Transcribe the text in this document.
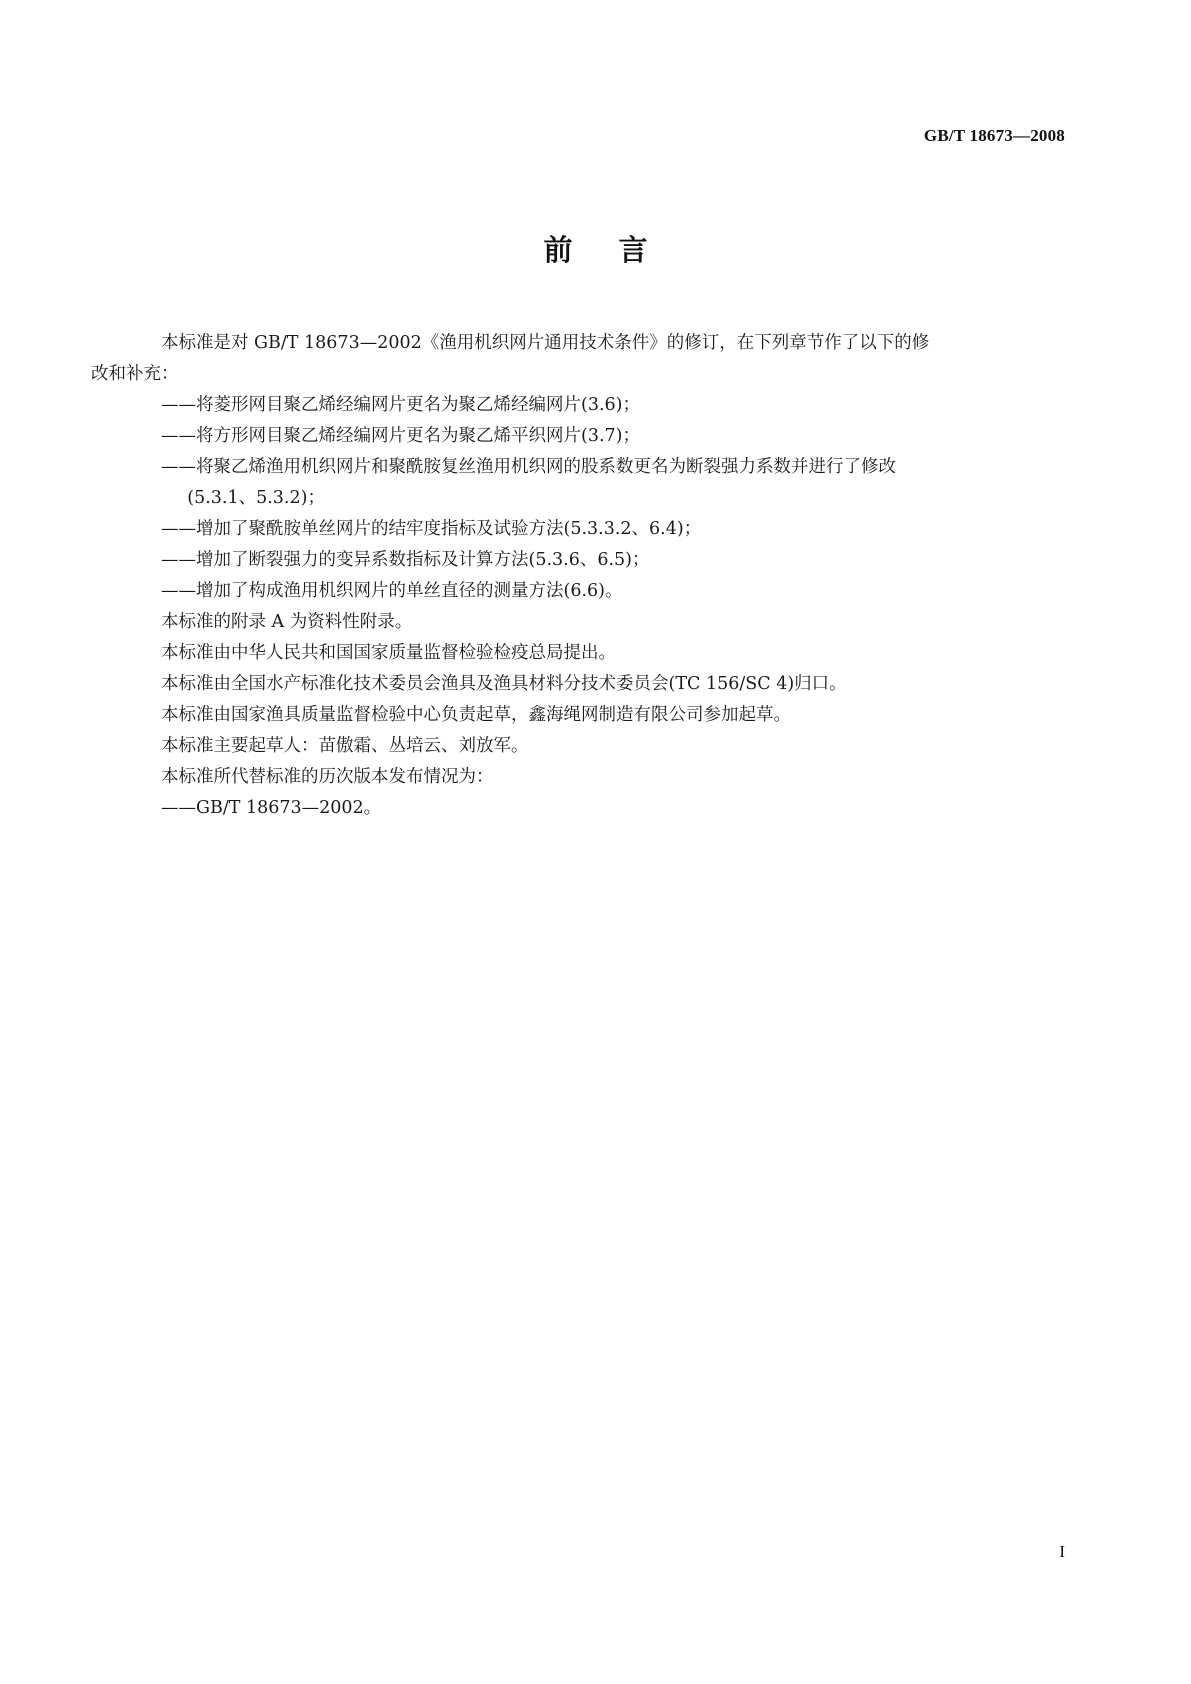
GB/T 18673—2008
前言

本标准是对 GB/T 18673—2002《渔用机织网片通用技术条件》的修订，在下列章节作了以下的修
改和补充：

——将菱形网目聚乙烯经编网片更名为聚乙烯经编网片(3.6)；

——将方形网目聚乙烯经编网片更名为聚乙烯平织网片(3.7)；

——将聚乙烯渔用机织网片和聚酰胺复丝渔用机织网的股系数更名为断裂强力系数并进行了修改

(5.3.1、5.3.2)；

——增加了聚酰胺单丝网片的结牢度指标及试验方法(5.3.3.2、6.4)；

——增加了断裂强力的变异系数指标及计算方法(5.3.6、6.5)；

——增加了构成渔用机织网片的单丝直径的测量方法(6.6)。

本标准的附录 A 为资料性附录。

本标准由中华人民共和国国家质量监督检验检疫总局提出。

本标准由全国水产标准化技术委员会渔具及渔具材料分技术委员会(TC 156/SC 4)归口。

本标准由国家渔具质量监督检验中心负责起草，鑫海绳网制造有限公司参加起草。

本标准主要起草人：苗傲霜、丛培云、刘放军。

本标准所代替标准的历次版本发布情况为：

——GB/T 18673—2002。

I
